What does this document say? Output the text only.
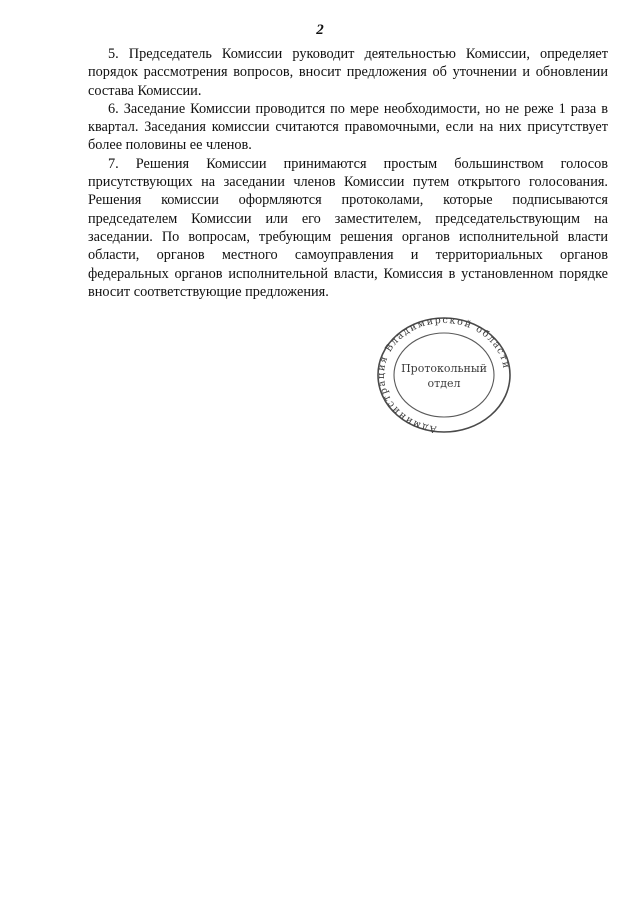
2

5. Председатель Комиссии руководит деятельностью Комиссии, определяет порядок рассмотрения вопросов, вносит предложения об уточнении и обновлении состава Комиссии.

6. Заседание Комиссии проводится по мере необходимости, но не реже 1 раза в квартал. Заседания комиссии считаются правомочными, если на них присутствует более половины ее членов.

7. Решения Комиссии принимаются простым большинством голосов присутствующих на заседании членов Комиссии путем открытого голосования. Решения комиссии оформляются протоколами, которые подписываются председателем Комиссии или его заместителем, председательствующим на заседании. По вопросам, требующим решения органов исполнительной власти области, органов местного самоуправления и территориальных органов федеральных органов исполнительной власти, Комиссия в установленном порядке вносит соответствующие предложения.

Администрация Владимирской области
Протокольный
отдел
